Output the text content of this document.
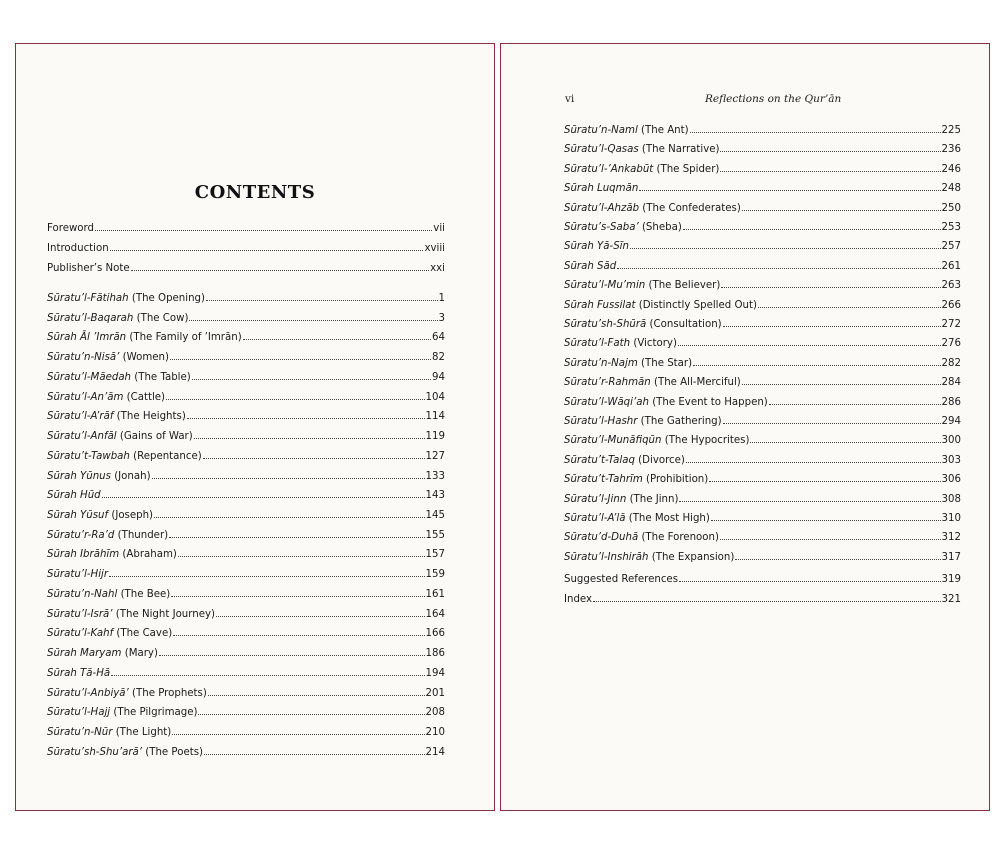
CONTENTS
Foreword	vii
Introduction	xviii
Publisher’s Note	xxi
Sūratu’l-Fātihah (The Opening)	1
Sūratu’l-Baqarah (The Cow)	3
Sūrah Āl ’Imrān (The Family of ’Imrān)	64
Sūratu’n-Nisā’ (Women)	82
Sūratu’l-Māedah (The Table)	94
Sūratu’l-An’ām (Cattle)	104
Sūratu’l-A’rāf (The Heights)	114
Sūratu’l-Anfāl (Gains of War)	119
Sūratu’t-Tawbah (Repentance)	127
Sūrah Yūnus (Jonah)	133
Sūrah Hūd	143
Sūrah Yūsuf (Joseph)	145
Sūratu’r-Ra’d (Thunder)	155
Sūrah Ibrāhīm (Abraham)	157
Sūratu’l-Hijr	159
Sūratu’n-Nahl (The Bee)	161
Sūratu’l-Isrā’ (The Night Journey)	164
Sūratu’l-Kahf (The Cave)	166
Sūrah Maryam (Mary)	186
Sūrah Tā-Hā	194
Sūratu’l-Anbiyā’ (The Prophets)	201
Sūratu’l-Hajj (The Pilgrimage)	208
Sūratu’n-Nūr (The Light)	210
Sūratu’sh-Shu’arā’ (The Poets)	214
vi	Reflections on the Qur’ān
Sūratu’n-Naml (The Ant)	225
Sūratu’l-Qasas (The Narrative)	236
Sūratu’l-’Ankabūt (The Spider)	246
Sūrah Luqmān	248
Sūratu’l-Ahzāb (The Confederates)	250
Sūratu’s-Saba’ (Sheba)	253
Sūrah Yā-Sīn	257
Sūrah Sād	261
Sūratu’l-Mu’min (The Believer)	263
Sūrah Fussilat (Distinctly Spelled Out)	266
Sūratu’sh-Shūrā (Consultation)	272
Sūratu’l-Fath (Victory)	276
Sūratu’n-Najm (The Star)	282
Sūratu’r-Rahmān (The All-Merciful)	284
Sūratu’l-Wāqi’ah (The Event to Happen)	286
Sūratu’l-Hashr (The Gathering)	294
Sūratu’l-Munāfiqūn (The Hypocrites)	300
Sūratu’t-Talaq (Divorce)	303
Sūratu’t-Tahrīm (Prohibition)	306
Sūratu’l-Jinn (The Jinn)	308
Sūratu’l-A’lā (The Most High)	310
Sūratu’d-Duhā (The Forenoon)	312
Sūratu’l-Inshirāh (The Expansion)	317
Suggested References	319
Index	321
